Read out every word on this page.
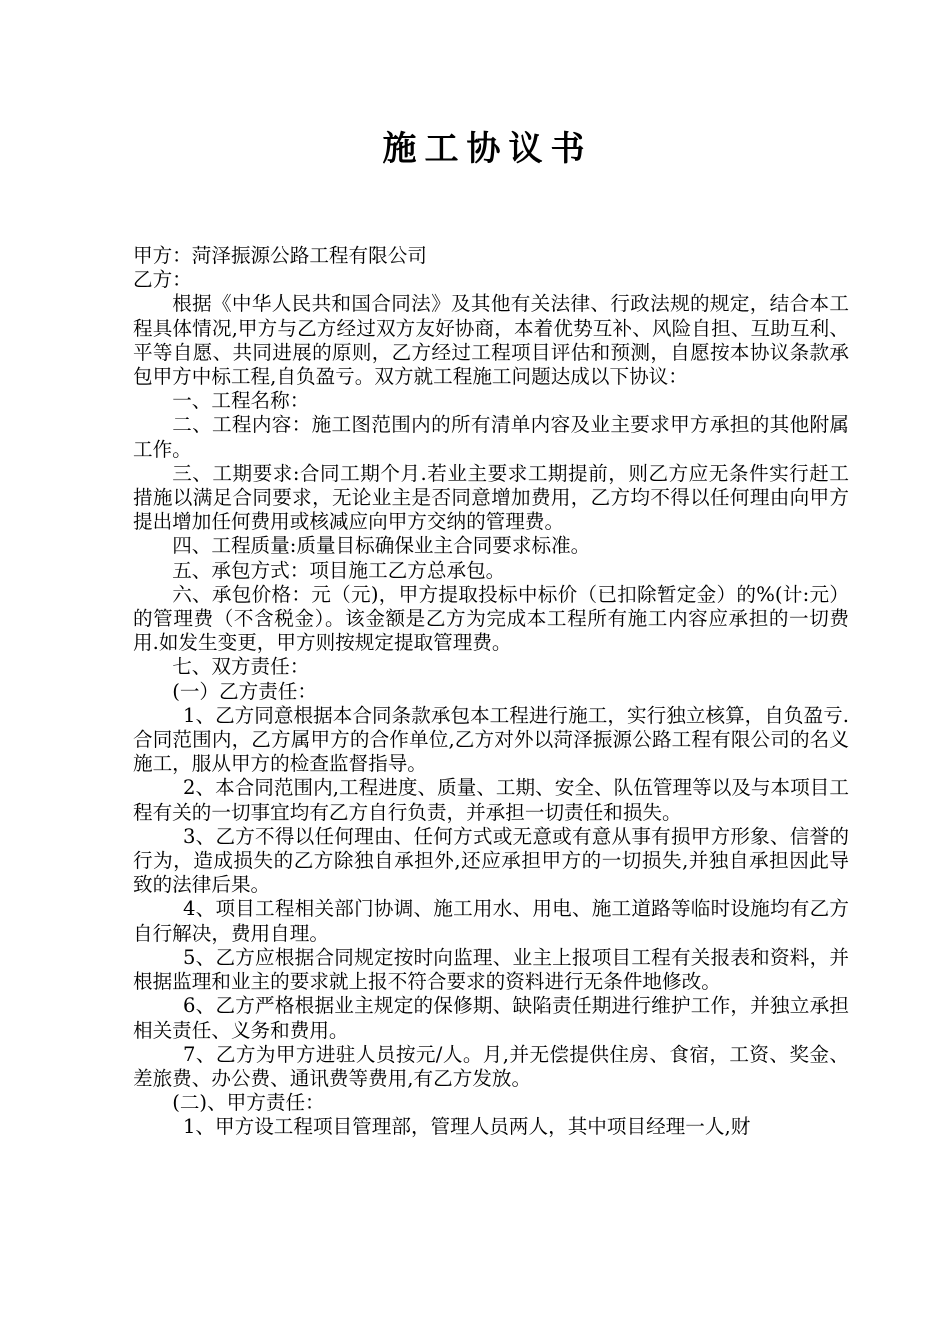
施工协议书

甲方：菏泽振源公路工程有限公司

乙方：

根据《中华人民共和国合同法》及其他有关法律、行政法规的规定，结合本工程具体情况,甲方与乙方经过双方友好协商，本着优势互补、风险自担、互助互利、平等自愿、共同进展的原则，乙方经过工程项目评估和预测，自愿按本协议条款承包甲方中标工程,自负盈亏。双方就工程施工问题达成以下协议：

一、工程名称：

二、工程内容：施工图范围内的所有清单内容及业主要求甲方承担的其他附属工作。

三、工期要求:合同工期个月.若业主要求工期提前，则乙方应无条件实行赶工措施以满足合同要求，无论业主是否同意增加费用，乙方均不得以任何理由向甲方提出增加任何费用或核减应向甲方交纳的管理费。

四、工程质量:质量目标确保业主合同要求标准。

五、承包方式：项目施工乙方总承包。

六、承包价格：元（元)，甲方提取投标中标价（已扣除暂定金）的%(计:元）的管理费（不含税金）。该金额是乙方为完成本工程所有施工内容应承担的一切费用.如发生变更，甲方则按规定提取管理费。

七、双方责任：

(一）乙方责任：

1、乙方同意根据本合同条款承包本工程进行施工，实行独立核算，自负盈亏.合同范围内，乙方属甲方的合作单位,乙方对外以菏泽振源公路工程有限公司的名义施工，服从甲方的检查监督指导。

2、本合同范围内,工程进度、质量、工期、安全、队伍管理等以及与本项目工程有关的一切事宜均有乙方自行负责，并承担一切责任和损失。

3、乙方不得以任何理由、任何方式或无意或有意从事有损甲方形象、信誉的行为，造成损失的乙方除独自承担外,还应承担甲方的一切损失,并独自承担因此导致的法律后果。

4、项目工程相关部门协调、施工用水、用电、施工道路等临时设施均有乙方自行解决，费用自理。

5、乙方应根据合同规定按时向监理、业主上报项目工程有关报表和资料，并根据监理和业主的要求就上报不符合要求的资料进行无条件地修改。

6、乙方严格根据业主规定的保修期、缺陷责任期进行维护工作，并独立承担相关责任、义务和费用。

7、乙方为甲方进驻人员按元/人。月,并无偿提供住房、食宿，工资、奖金、差旅费、办公费、通讯费等费用,有乙方发放。

(二)、甲方责任：

1、甲方设工程项目管理部，管理人员两人，其中项目经理一人,财
